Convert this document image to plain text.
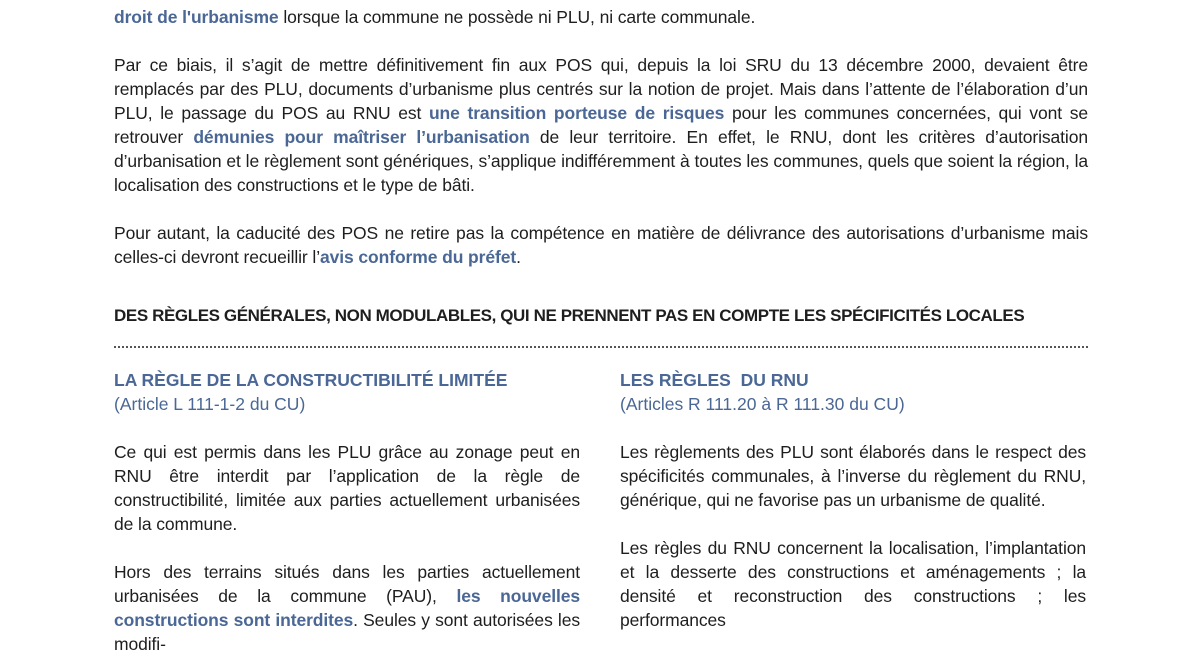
droit de l'urbanisme lorsque la commune ne possède ni PLU, ni carte communale.

Par ce biais, il s’agit de mettre définitivement fin aux POS qui, depuis la loi SRU du 13 décembre 2000, devaient être remplacés par des PLU, documents d’urbanisme plus centrés sur la notion de projet. Mais dans l’attente de l’élaboration d’un PLU, le passage du POS au RNU est une transition porteuse de risques pour les communes concernées, qui vont se retrouver démunies pour maîtriser l’urbanisation de leur territoire. En effet, le RNU, dont les critères d’autorisation d’urbanisation et le règlement sont génériques, s’applique indifféremment à toutes les communes, quels que soient la région, la localisation des constructions et le type de bâti.

Pour autant, la caducité des POS ne retire pas la compétence en matière de délivrance des autorisations d’urbanisme mais celles-ci devront recueillir l’avis conforme du préfet.

DES RÈGLES GÉNÉRALES, NON MODULABLES, QUI NE PRENNENT PAS EN COMPTE LES SPÉCIFICITÉS LOCALES

LA RÈGLE DE LA CONSTRUCTIBILITÉ LIMITÉE

(Article L 111-1-2 du CU)

Ce qui est permis dans les PLU grâce au zonage peut en RNU être interdit par l’application de la règle de constructibilité, limitée aux parties actuellement urbanisées de la commune.

Hors des terrains situés dans les parties actuellement urbanisées de la commune (PAU), les nouvelles constructions sont interdites. Seules y sont autorisées les modifi-

LES RÈGLES  DU RNU

(Articles R 111.20 à R 111.30 du CU)

Les règlements des PLU sont élaborés dans le respect des spécificités communales, à l’inverse du règlement du RNU, générique, qui ne favorise pas un urbanisme de qualité.

Les règles du RNU concernent la localisation, l’implantation et la desserte des constructions et aménagements ; la densité et reconstruction des constructions ; les performances
